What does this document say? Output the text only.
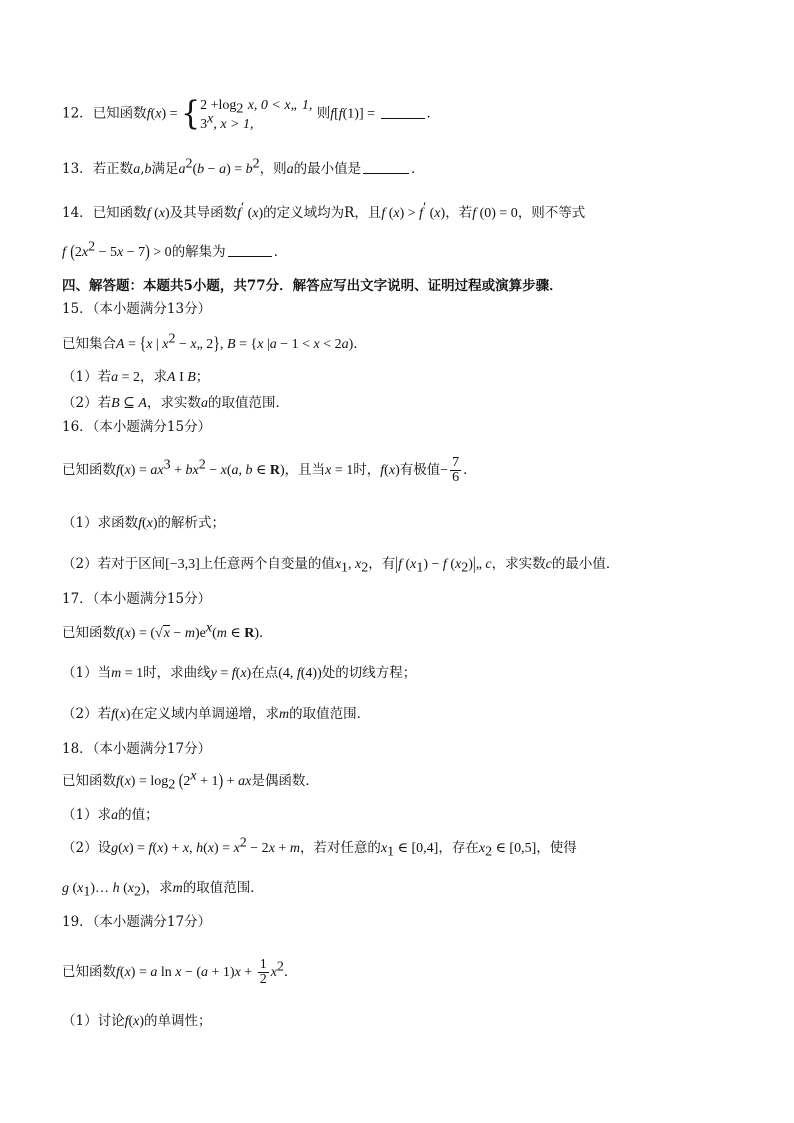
12．已知函数f(x) = { $2 +\log_2$ x, 0 < x„ 1,
3$^x$, x > 1,
则f[f(1)] =	．
13．若正数a,b满足$a^2(b - a) = b^2$，则a的最小值是	．
14．已知函数f (x)及其导函数f′ (x)的定义域均为R，且f (x) > f′ (x)，若f (0) = 0，则不等式
f $(2x^2 - 5x - 7) > 0$的解集为	．
四、解答题：本题共5小题，共77分．解答应写出文字说明、证明过程或演算步骤．
15．（本小题满分13分）
已知集合A = {x | $x^2$ − x„ 2}, B = {x |a − 1 < x < 2a)．
（1）若a = 2，求A I B；
（2）若B ⊆ A，求实数a的取值范围．
16．（本小题满分15分）
已知函数$f(x) = ax^3 + bx^2 - x(a$, b ∈ R)，且当x = 1时，f(x)有极值− $\frac{7}{6}$ ．
（1）求函数f(x)的解析式；
（2）若对于区间[−3,3]上任意两个自变量的值$x_1$, $x_2$，有|f $(x_1) - f$ $(x_2)|„$ c，求实数c的最小值．
17．（本小题满分15分）
已知函数$f(x) = (√x - m)e^x(m$ ∈ R)．
（1）当m = 1时，求曲线y = f(x)在点(4, f(4))处的切线方程；
（2）若f(x)在定义域内单调递增，求m的取值范围．
18．（本小题满分17分）
已知函数$f(x) = \log_2 (2^x + 1)$ + ax是偶函数．
（1）求a的值；
（2）设g(x) = f(x) + x, $h(x) = x^2 - 2x + m$，若对任意的$x_1$ ∈ [0,4]，存在$x_2$ ∈ [0,5]，使得
g $(x_1)\dots$ h $(x_2)$，求m的取值范围．
19．（本小题满分17分）
已知函数f(x) = a $\ln x - (a + 1)x + \frac{1}{2} x^2$．
（1）讨论f(x)的单调性；
